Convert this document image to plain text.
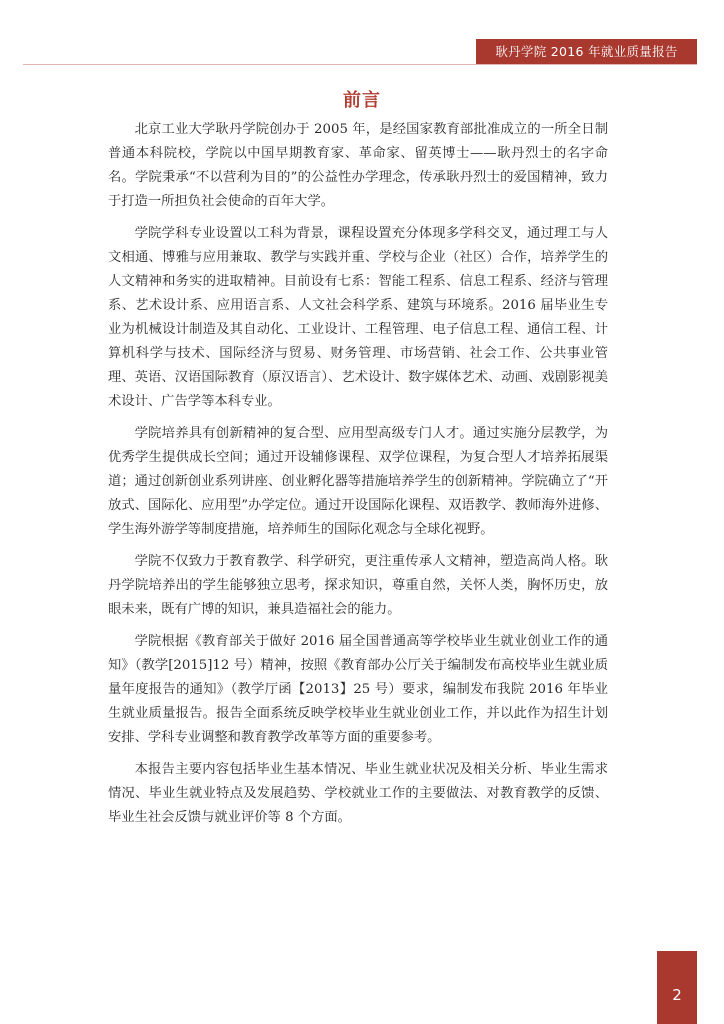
耿丹学院 2016 年就业质量报告
前言

北京工业大学耿丹学院创办于 2005 年，是经国家教育部批准成立的一所全日制普通本科院校，学院以中国早期教育家、革命家、留英博士——耿丹烈士的名字命名。学院秉承“不以营利为目的”的公益性办学理念，传承耿丹烈士的爱国精神，致力于打造一所担负社会使命的百年大学。

学院学科专业设置以工科为背景，课程设置充分体现多学科交叉，通过理工与人文相通、博雅与应用兼取、教学与实践并重、学校与企业（社区）合作，培养学生的人文精神和务实的进取精神。目前设有七系：智能工程系、信息工程系、经济与管理系、艺术设计系、应用语言系、人文社会科学系、建筑与环境系。2016 届毕业生专业为机械设计制造及其自动化、工业设计、工程管理、电子信息工程、通信工程、计算机科学与技术、国际经济与贸易、财务管理、市场营销、社会工作、公共事业管理、英语、汉语国际教育（原汉语言）、艺术设计、数字媒体艺术、动画、戏剧影视美术设计、广告学等本科专业。

学院培养具有创新精神的复合型、应用型高级专门人才。通过实施分层教学，为优秀学生提供成长空间；通过开设辅修课程、双学位课程，为复合型人才培养拓展渠道；通过创新创业系列讲座、创业孵化器等措施培养学生的创新精神。学院确立了“开放式、国际化、应用型”办学定位。通过开设国际化课程、双语教学、教师海外进修、学生海外游学等制度措施，培养师生的国际化观念与全球化视野。

学院不仅致力于教育教学、科学研究，更注重传承人文精神，塑造高尚人格。耿丹学院培养出的学生能够独立思考，探求知识，尊重自然，关怀人类，胸怀历史，放眼未来，既有广博的知识，兼具造福社会的能力。

学院根据《教育部关于做好 2016 届全国普通高等学校毕业生就业创业工作的通知》（教学[2015]12 号）精神，按照《教育部办公厅关于编制发布高校毕业生就业质量年度报告的通知》（教学厅函【2013】25 号）要求，编制发布我院 2016 年毕业生就业质量报告。报告全面系统反映学校毕业生就业创业工作，并以此作为招生计划安排、学科专业调整和教育教学改革等方面的重要参考。

本报告主要内容包括毕业生基本情况、毕业生就业状况及相关分析、毕业生需求情况、毕业生就业特点及发展趋势、学校就业工作的主要做法、对教育教学的反馈、毕业生社会反馈与就业评价等 8 个方面。

2
